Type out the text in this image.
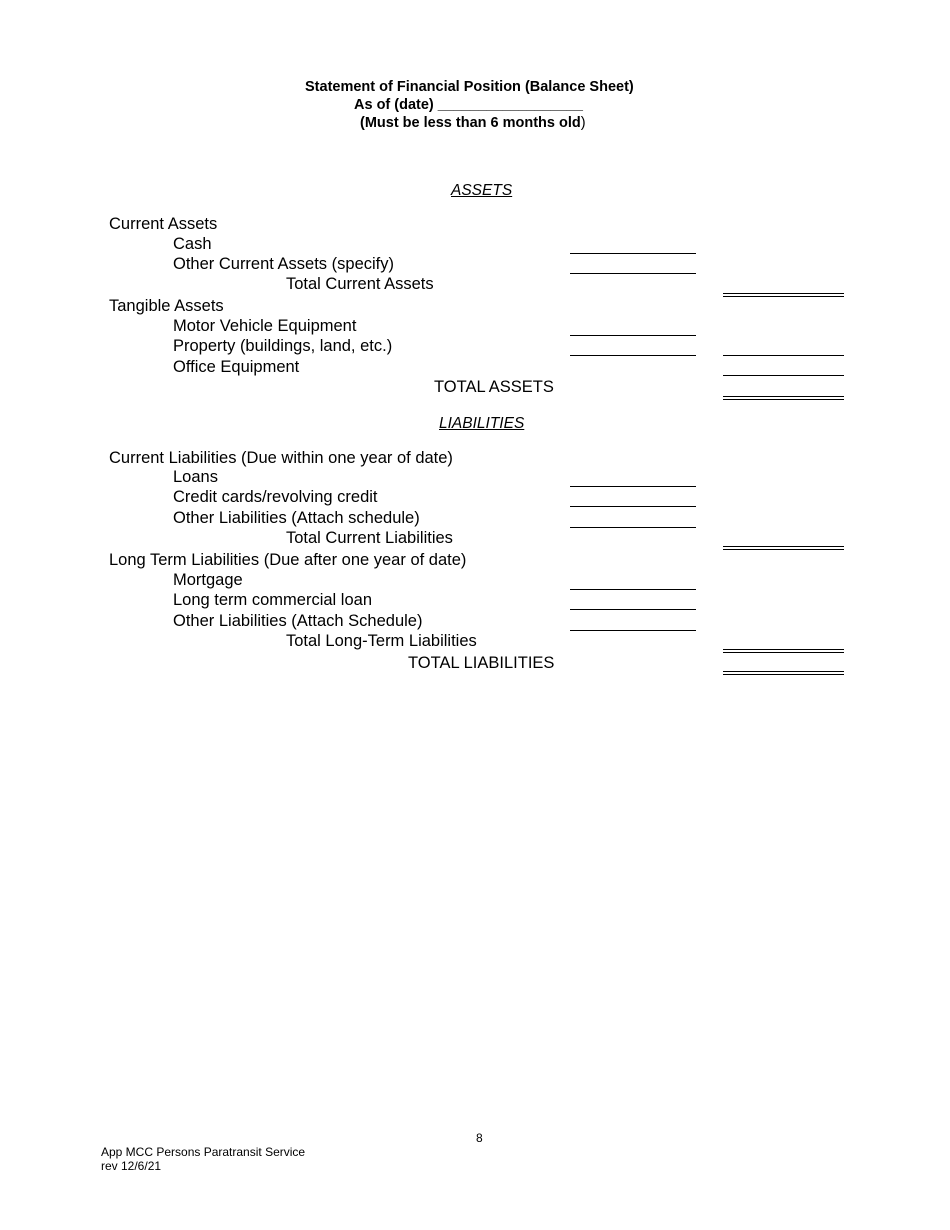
Statement of Financial Position (Balance Sheet)
As of (date) __________________
(Must be less than 6 months old)
ASSETS
Current Assets
Cash
Other Current Assets (specify)
Total Current Assets
Tangible Assets
Motor Vehicle Equipment
Property (buildings, land, etc.)
Office Equipment
TOTAL ASSETS
LIABILITIES
Current Liabilities (Due within one year of date)
Loans
Credit cards/revolving credit
Other Liabilities (Attach schedule)
Total Current Liabilities
Long Term Liabilities (Due after one year of date)
Mortgage
Long term commercial loan
Other Liabilities (Attach Schedule)
Total Long-Term Liabilities
TOTAL LIABILITIES
8
App MCC Persons Paratransit Service
rev 12/6/21
